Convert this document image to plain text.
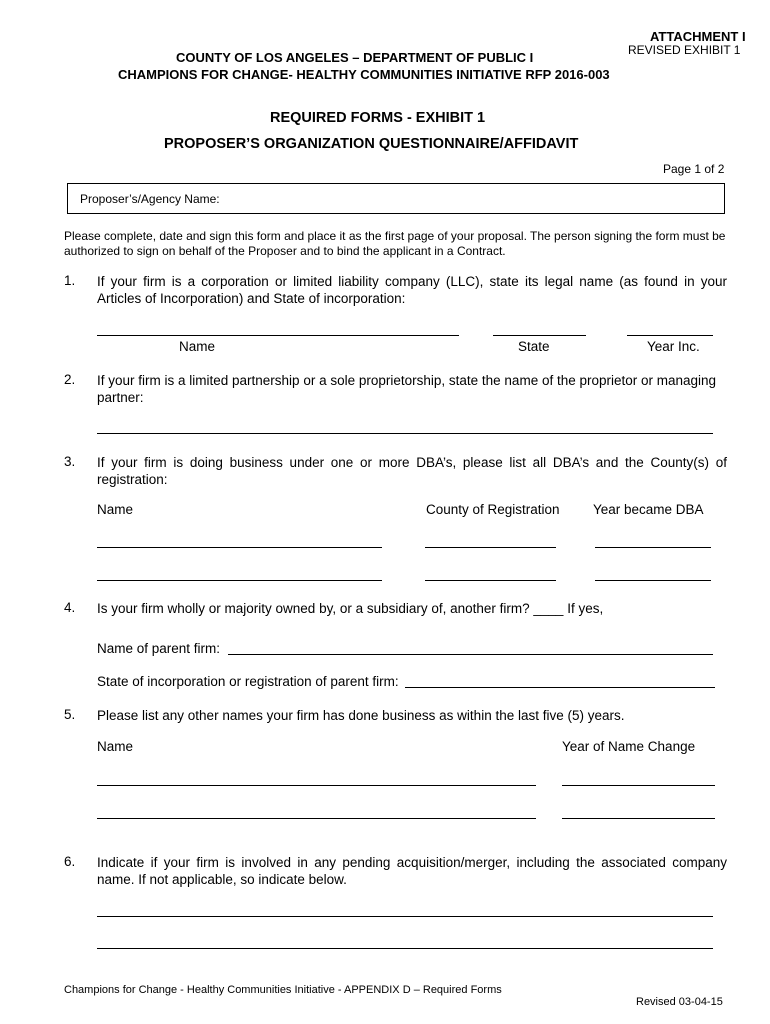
ATTACHMENT I
REVISED EXHIBIT 1
COUNTY OF LOS ANGELES – DEPARTMENT OF PUBLIC I
CHAMPIONS FOR CHANGE- HEALTHY COMMUNITIES INITIATIVE RFP 2016-003
REQUIRED FORMS - EXHIBIT 1
PROPOSER’S ORGANIZATION QUESTIONNAIRE/AFFIDAVIT
Page 1 of 2
Proposer’s/Agency Name:
Please complete, date and sign this form and place it as the first page of your proposal. The person signing the form must be authorized to sign on behalf of the Proposer and to bind the applicant in a Contract.
1. If your firm is a corporation or limited liability company (LLC), state its legal name (as found in your Articles of Incorporation) and State of incorporation:
Name	State	Year Inc.
2. If your firm is a limited partnership or a sole proprietorship, state the name of the proprietor or managing partner:
3. If your firm is doing business under one or more DBA’s, please list all DBA’s and the County(s) of registration:
Name	County of Registration Year became DBA
4. Is your firm wholly or majority owned by, or a subsidiary of, another firm? ____ If yes,
Name of parent firm:
State of incorporation or registration of parent firm:
5. Please list any other names your firm has done business as within the last five (5) years.
Name	Year of Name Change
6. Indicate if your firm is involved in any pending acquisition/merger, including the associated company name. If not applicable, so indicate below.
Champions for Change - Healthy Communities Initiative - APPENDIX D – Required Forms
Revised 03-04-15
